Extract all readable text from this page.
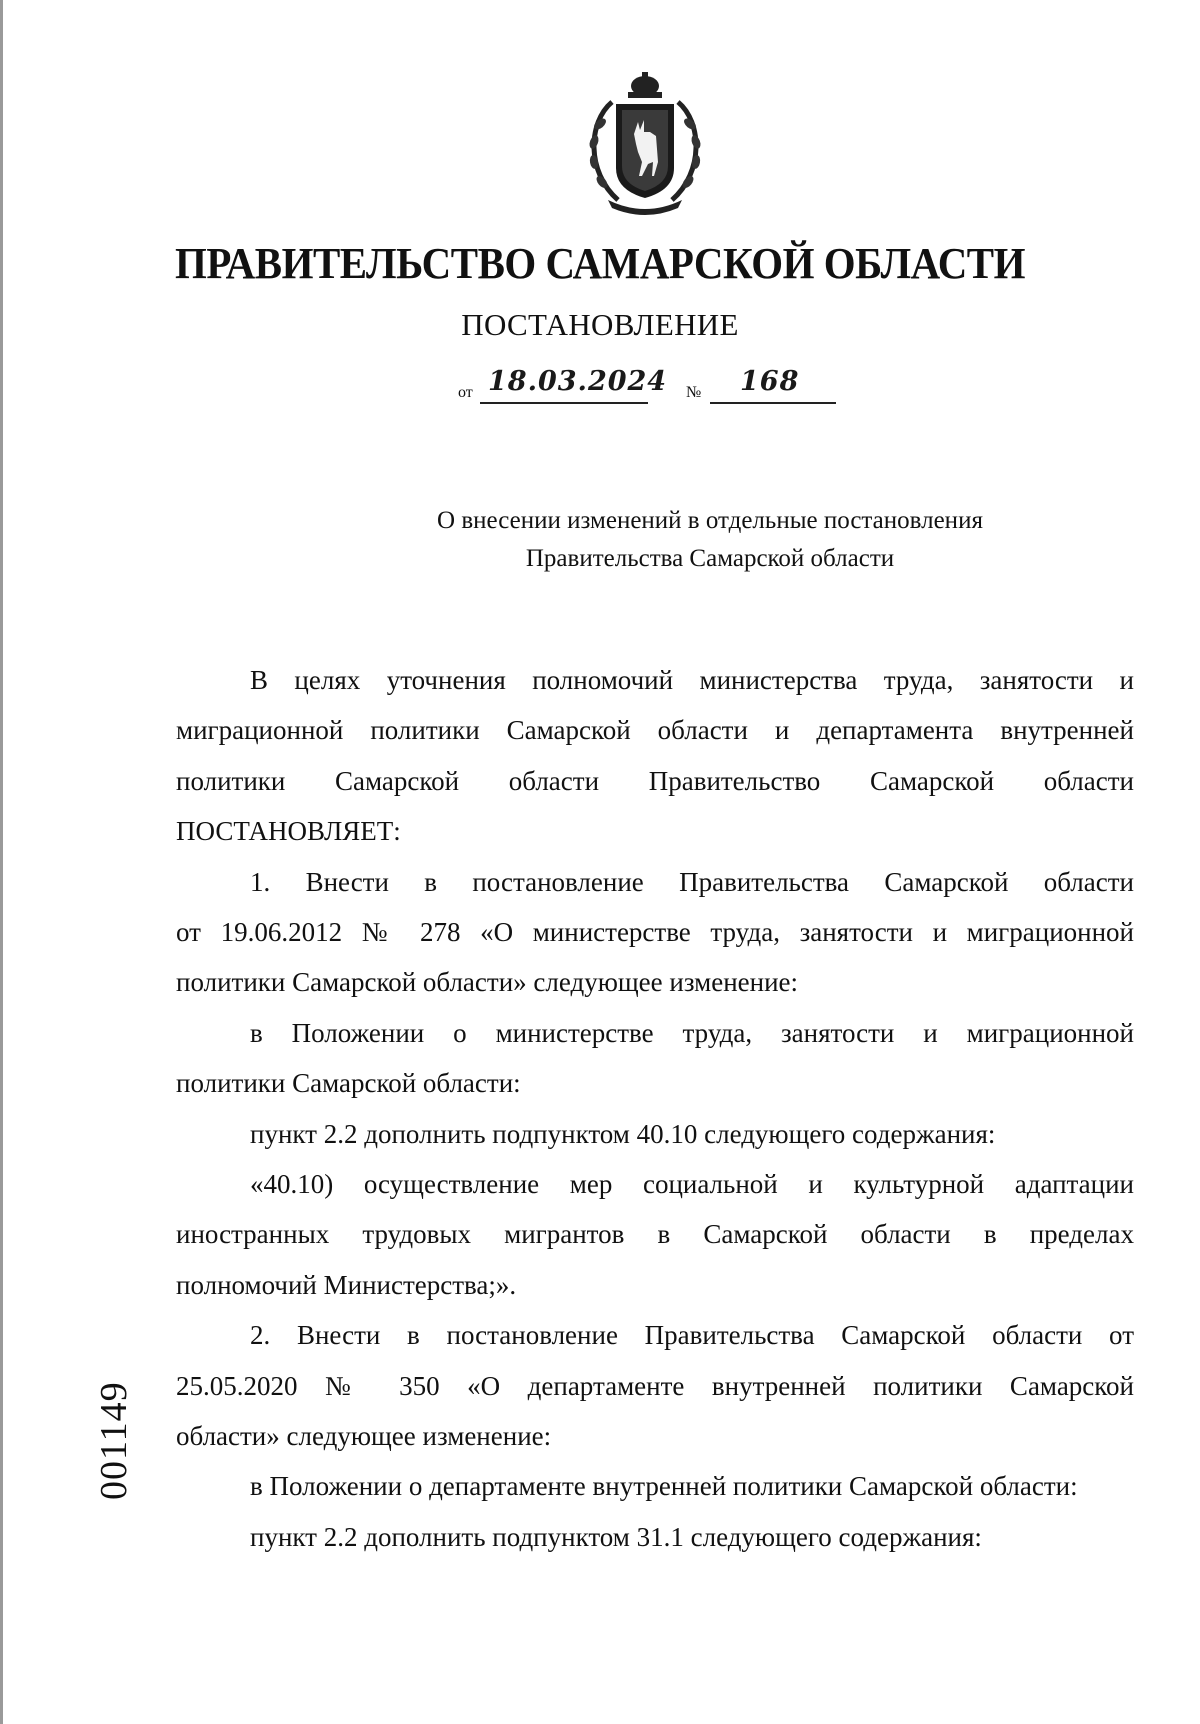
ПРАВИТЕЛЬСТВО САМАРСКОЙ ОБЛАСТИ
ПОСТАНОВЛЕНИЕ
от 18.03.2024 № 168
О внесении изменений в отдельные постановления
Правительства Самарской области
В целях уточнения полномочий министерства труда, занятости и
миграционной политики Самарской области и департамента внутренней
политики Самарской области Правительство Самарской области
ПОСТАНОВЛЯЕТ:
1. Внести в постановление Правительства Самарской области
от 19.06.2012 № 278 «О министерстве труда, занятости и миграционной
политики Самарской области» следующее изменение:
в Положении о министерстве труда, занятости и миграционной
политики Самарской области:
пункт 2.2 дополнить подпунктом 40.10 следующего содержания:
«40.10) осуществление мер социальной и культурной адаптации
иностранных трудовых мигрантов в Самарской области в пределах
полномочий Министерства;».
2. Внести в постановление Правительства Самарской области от
25.05.2020 № 350 «О департаменте внутренней политики Самарской
области» следующее изменение:
в Положении о департаменте внутренней политики Самарской области:
пункт 2.2 дополнить подпунктом 31.1 следующего содержания:
001149
